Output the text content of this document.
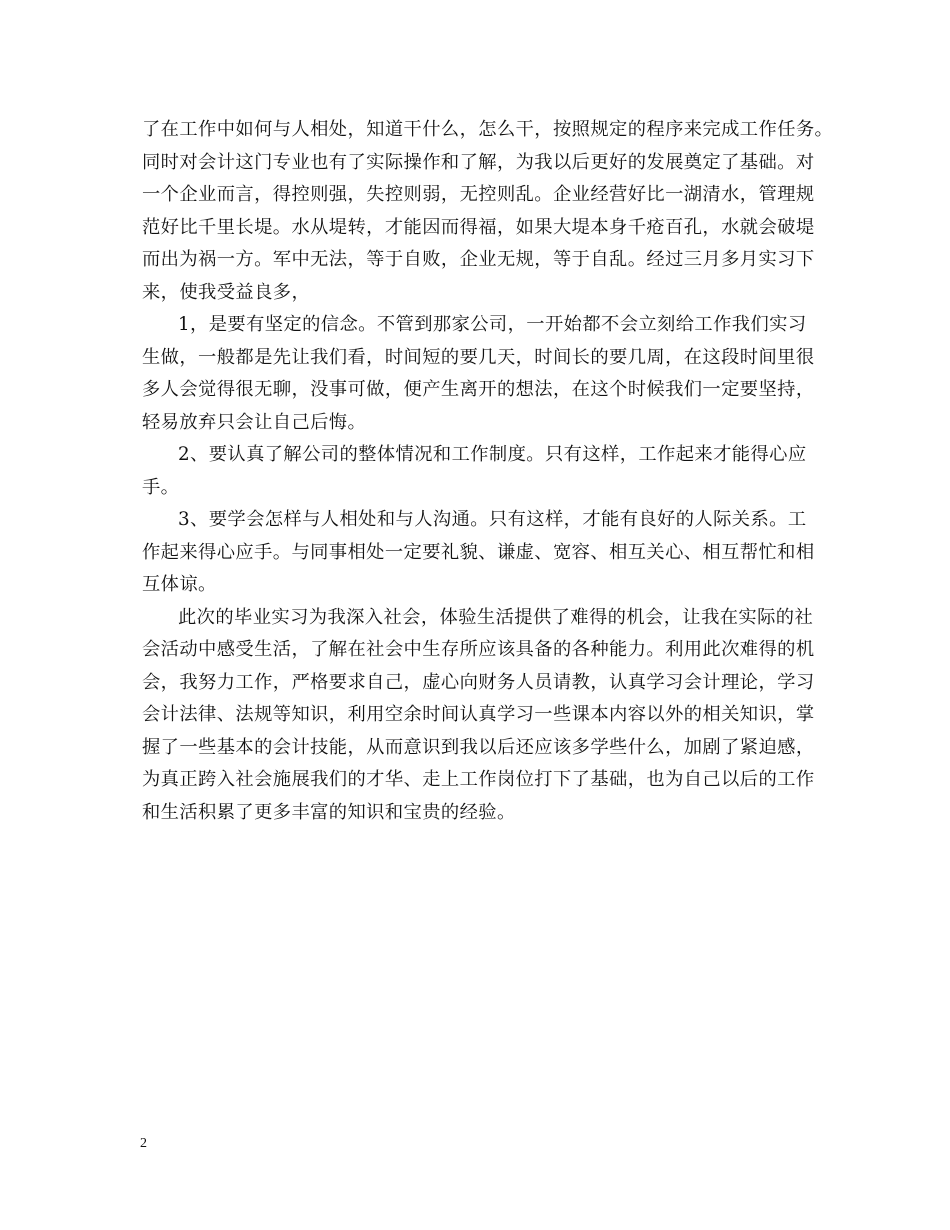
了在工作中如何与人相处，知道干什么，怎么干，按照规定的程序来完成工作任务。
同时对会计这门专业也有了实际操作和了解，为我以后更好的发展奠定了基础。对
一个企业而言，得控则强，失控则弱，无控则乱。企业经营好比一湖清水，管理规
范好比千里长堤。水从堤转，才能因而得福，如果大堤本身千疮百孔，水就会破堤
而出为祸一方。军中无法，等于自败，企业无规，等于自乱。经过三月多月实习下
来，使我受益良多，
1，是要有坚定的信念。不管到那家公司，一开始都不会立刻给工作我们实习
生做，一般都是先让我们看，时间短的要几天，时间长的要几周，在这段时间里很
多人会觉得很无聊，没事可做，便产生离开的想法，在这个时候我们一定要坚持，
轻易放弃只会让自己后悔。
2、要认真了解公司的整体情况和工作制度。只有这样，工作起来才能得心应
手。
3、要学会怎样与人相处和与人沟通。只有这样，才能有良好的人际关系。工
作起来得心应手。与同事相处一定要礼貌、谦虚、宽容、相互关心、相互帮忙和相
互体谅。
此次的毕业实习为我深入社会，体验生活提供了难得的机会，让我在实际的社
会活动中感受生活，了解在社会中生存所应该具备的各种能力。利用此次难得的机
会，我努力工作，严格要求自己，虚心向财务人员请教，认真学习会计理论，学习
会计法律、法规等知识，利用空余时间认真学习一些课本内容以外的相关知识，掌
握了一些基本的会计技能，从而意识到我以后还应该多学些什么，加剧了紧迫感，
为真正跨入社会施展我们的才华、走上工作岗位打下了基础，也为自己以后的工作
和生活积累了更多丰富的知识和宝贵的经验。
2
